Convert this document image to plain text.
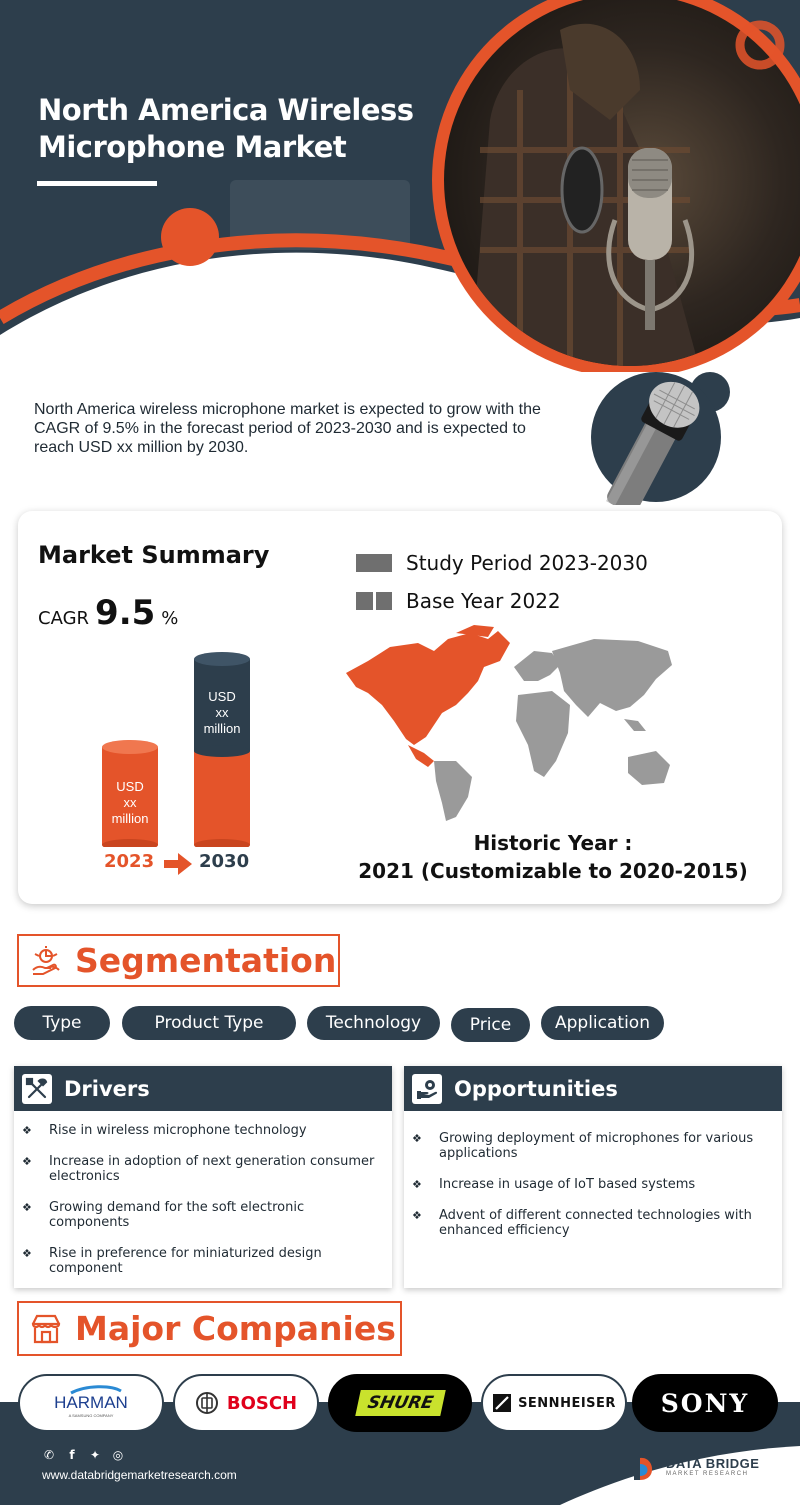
North America Wireless
Microphone Market

North America wireless microphone market is expected to grow with the CAGR of 9.5% in the forecast period of 2023-2030 and is expected to reach USD xx million by 2030.

Market Summary
CAGR 9.5 %
USD
xx
million
USD
xx
million
2023 2030
Study Period 2023-2030
Base Year 2022
Historic Year :
2021 (Customizable to 2020-2015)
Segmentation
Type	Product Type	Technology	Price	Application
Drivers
❖ Rise in wireless microphone technology
❖ Increase in adoption of next generation consumer electronics
❖ Growing demand for the soft electronic components
❖ Rise in preference for miniaturized design component
Opportunities
❖ Growing deployment of microphones for various applications
❖ Increase in usage of IoT based systems
❖ Advent of different connected technologies with enhanced efficiency
Major Companies
HARMAN
A SAMSUNG COMPANY
BOSCH	SHURE	SENNHEISER SONY
✆	f	✦ ◎
www.databridgemarketresearch.com
DATA BRIDGE
MARKET RESEARCH
